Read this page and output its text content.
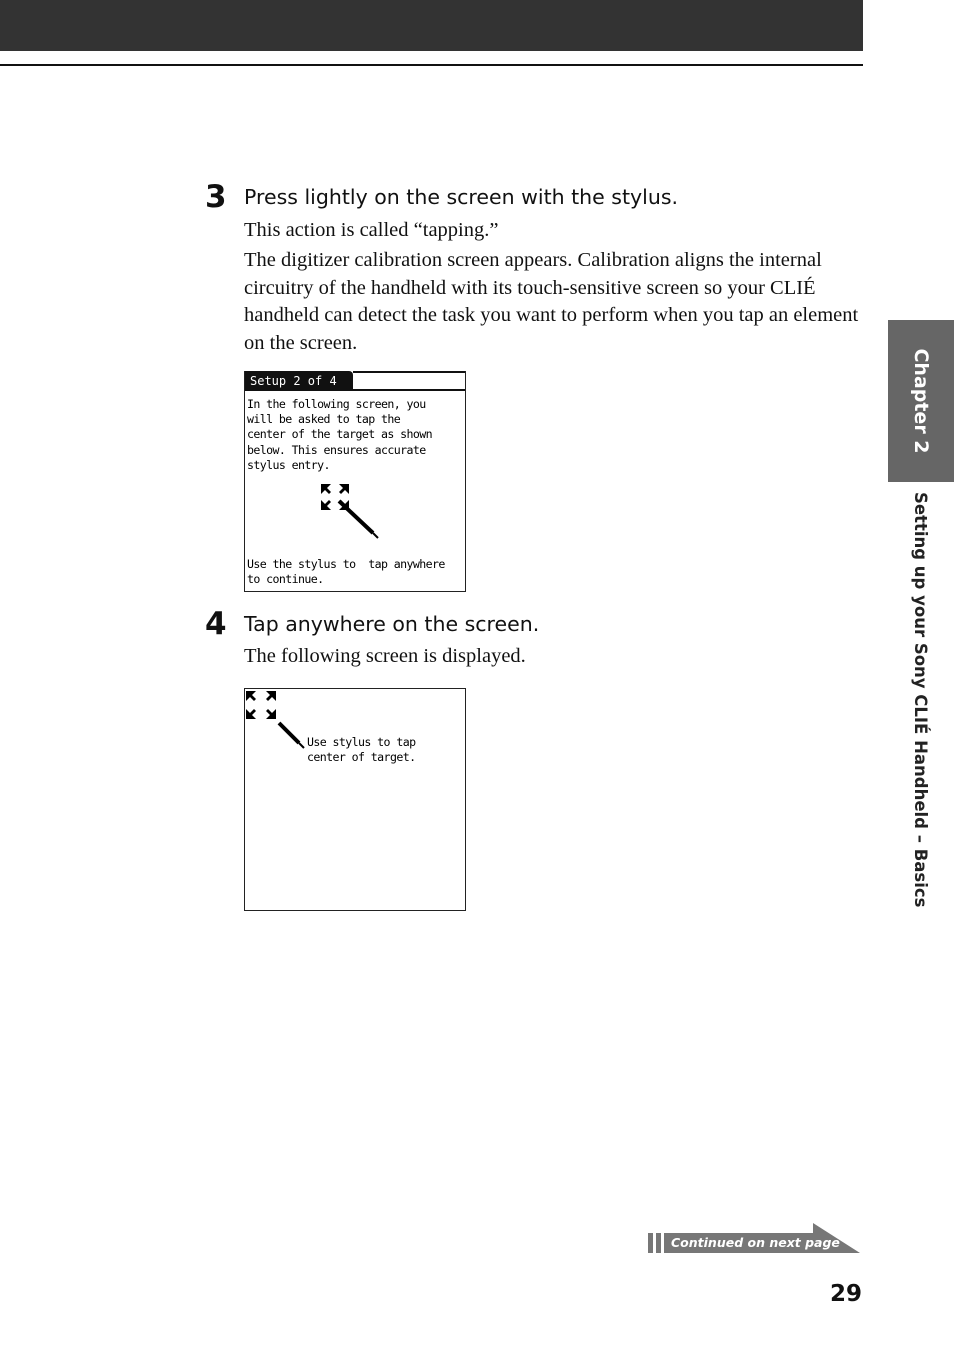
3 Press lightly on the screen with the stylus.
This action is called “tapping.”
The digitizer calibration screen appears. Calibration aligns the internal circuitry of the handheld with its touch-sensitive screen so your CLIÉ handheld can detect the task you want to perform when you tap an element on the screen.
Setup 2 of 4
In the following screen, you
will be asked to tap the
center of the target as shown
below. This ensures accurate
stylus entry.
Use the stylus to  tap anywhere
to continue.
4 Tap anywhere on the screen.
The following screen is displayed.
Use stylus to tap
center of target.
Chapter 2
Setting up your Sony CLIÉ Handheld – Basics
Continued on next page
29
